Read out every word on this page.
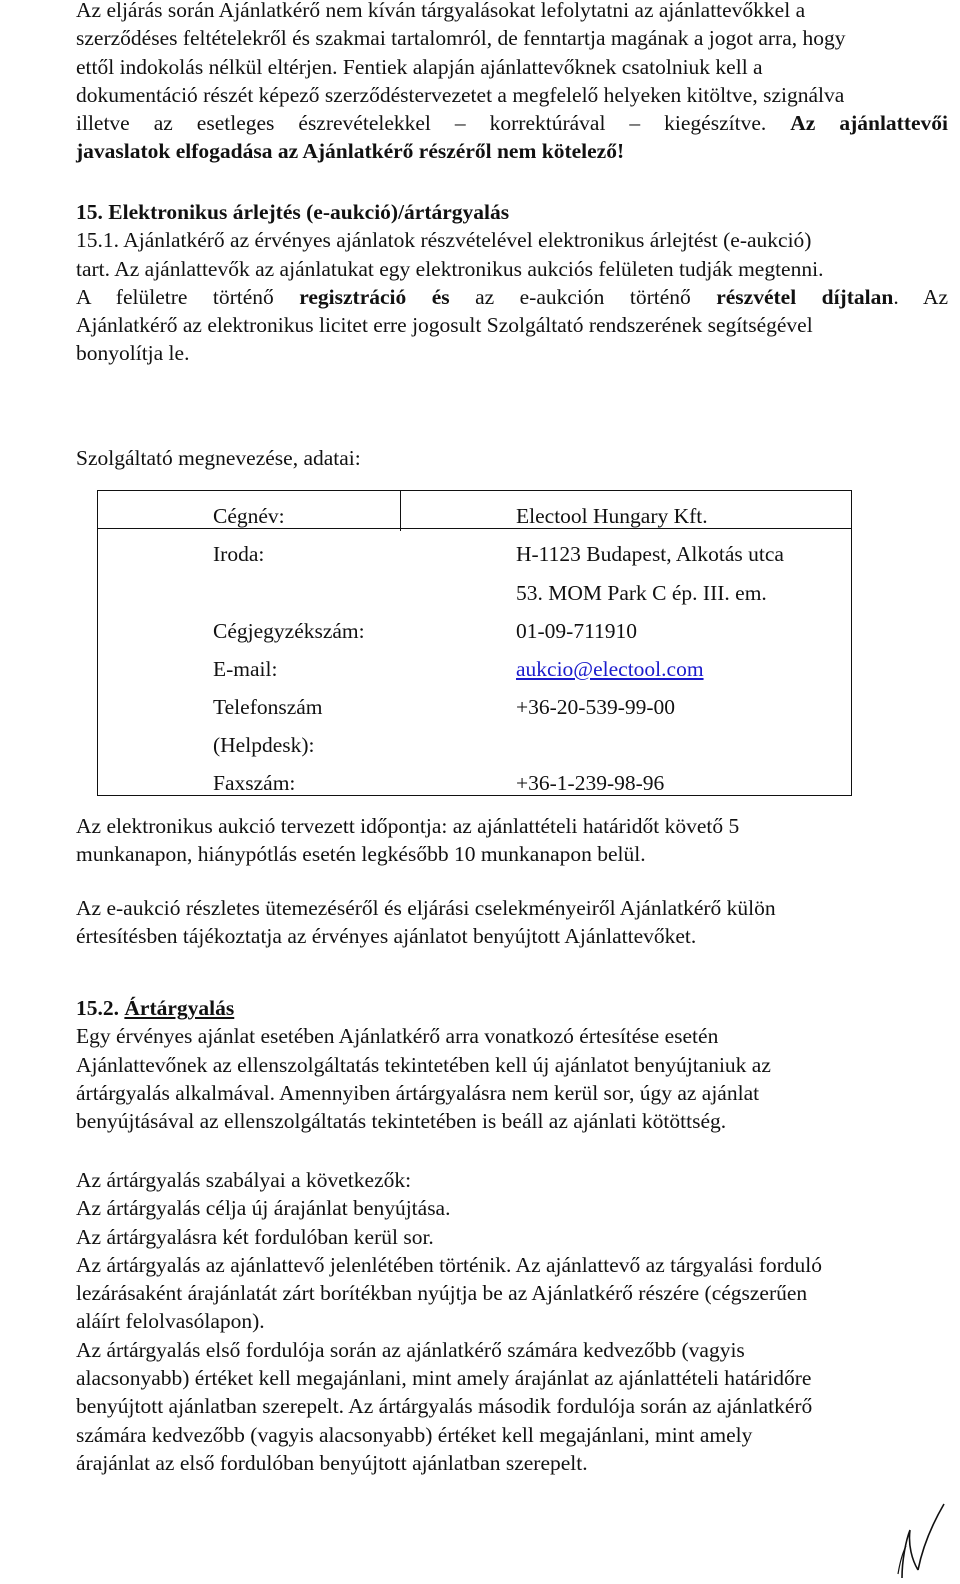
Az eljárás során Ajánlatkérő nem kíván tárgyalásokat lefolytatni az ajánlattevőkkel a

szerződéses feltételekről és szakmai tartalomról, de fenntartja magának a jogot arra, hogy

ettől indokolás nélkül eltérjen. Fentiek alapján ajánlattevőknek csatolniuk kell a

dokumentáció részét képező szerződéstervezetet a megfelelő helyeken kitöltve, szignálva

illetve az esetleges észrevételekkel – korrektúrával – kiegészítve. Az ajánlattevői

javaslatok elfogadása az Ajánlatkérő részéről nem kötelező!

15. Elektronikus árlejtés (e-aukció)/ártárgyalás

15.1. Ajánlatkérő az érvényes ajánlatok részvételével elektronikus árlejtést (e-aukció)

tart. Az ajánlattevők az ajánlatukat egy elektronikus aukciós felületen tudják megtenni.

A felületre történő regisztráció és az e-aukción történő részvétel díjtalan. Az

Ajánlatkérő az elektronikus licitet erre jogosult Szolgáltató rendszerének segítségével

bonyolítja le.

Szolgáltató megnevezése, adatai:

Cégnév:	Electool Hungary Kft.
Iroda:	H-1123 Budapest, Alkotás utca
53. MOM Park C ép. III. em.
Cégjegyzékszám:	01-09-711910
E-mail:	aukcio@electool.com
Telefonszám	+36-20-539-99-00
(Helpdesk):
Faxszám:	+36-1-239-98-96

Az elektronikus aukció tervezett időpontja: az ajánlattételi határidőt követő 5

munkanapon, hiánypótlás esetén legkésőbb 10 munkanapon belül.

Az e-aukció részletes ütemezéséről és eljárási cselekményeiről Ajánlatkérő külön

értesítésben tájékoztatja az érvényes ajánlatot benyújtott Ajánlattevőket.

15.2. Ártárgyalás

Egy érvényes ajánlat esetében Ajánlatkérő arra vonatkozó értesítése esetén

Ajánlattevőnek az ellenszolgáltatás tekintetében kell új ajánlatot benyújtaniuk az

ártárgyalás alkalmával. Amennyiben ártárgyalásra nem kerül sor, úgy az ajánlat

benyújtásával az ellenszolgáltatás tekintetében is beáll az ajánlati kötöttség.

Az ártárgyalás szabályai a következők:

Az ártárgyalás célja új árajánlat benyújtása.

Az ártárgyalásra két fordulóban kerül sor.

Az ártárgyalás az ajánlattevő jelenlétében történik. Az ajánlattevő az tárgyalási forduló

lezárásaként árajánlatát zárt borítékban nyújtja be az Ajánlatkérő részére (cégszerűen

aláírt felolvasólapon).

Az ártárgyalás első fordulója során az ajánlatkérő számára kedvezőbb (vagyis

alacsonyabb) értéket kell megajánlani, mint amely árajánlat az ajánlattételi határidőre

benyújtott ajánlatban szerepelt. Az ártárgyalás második fordulója során az ajánlatkérő

számára kedvezőbb (vagyis alacsonyabb) értéket kell megajánlani, mint amely

árajánlat az első fordulóban benyújtott ajánlatban szerepelt.
